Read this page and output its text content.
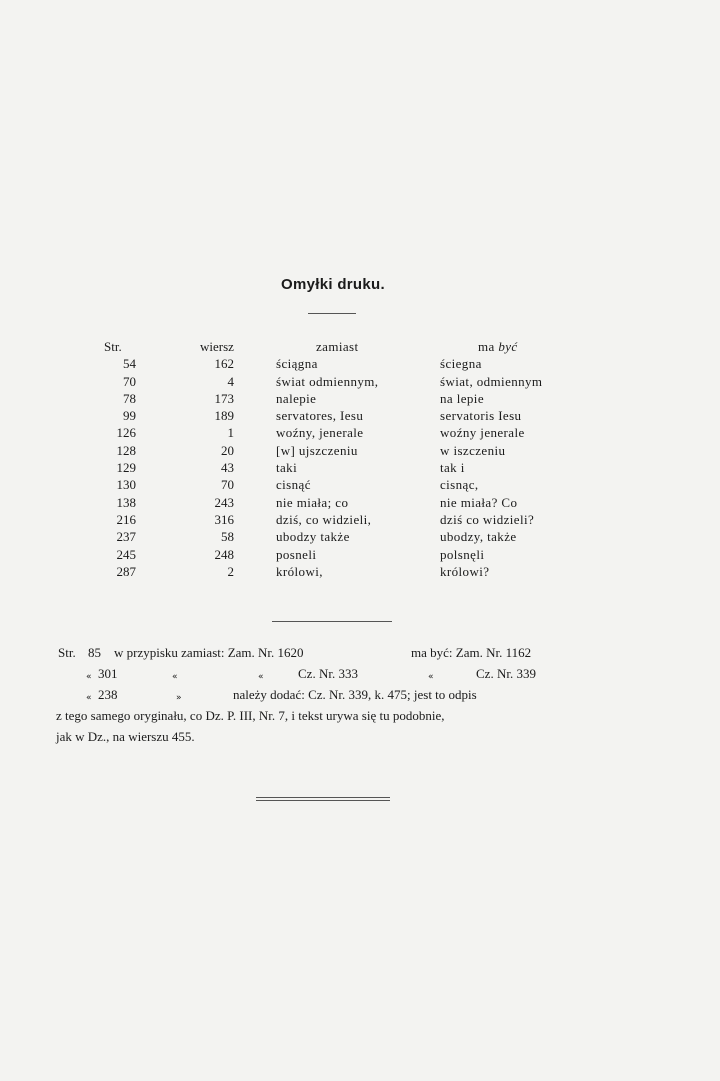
Omyłki druku.
Str.	wiersz	zamiast	ma być
54	162	ściągna	ściegna
70	4	świat odmiennym,	świat, odmiennym
78	173	nalepie	na lepie
99	189	servatores, Iesu	servatoris Iesu
126	1	woźny, jenerale	woźny jenerale
128	20	[w] ujszczeniu	w iszczeniu
129	43	taki	tak i
130	70	cisnąć	cisnąc,
138	243	nie miała; co	nie miała? Co
216	316	dziś, co widzieli,	dziś co widzieli?
237	58	ubodzy także	ubodzy, także
245	248	posneli	polsnęli
287	2	królowi,	królowi?
Str. 85 w przypisku zamiast: Zam. Nr. 1620	ma być: Zam. Nr. 1162
« 301	«	«	Cz. Nr. 333	«	Cz. Nr. 339
« 238	»	należy dodać: Cz. Nr. 339, k. 475; jest to odpis
z tego samego oryginału, co Dz. P. III, Nr. 7, i tekst urywa się tu podobnie,
jak w Dz., na wierszu 455.
